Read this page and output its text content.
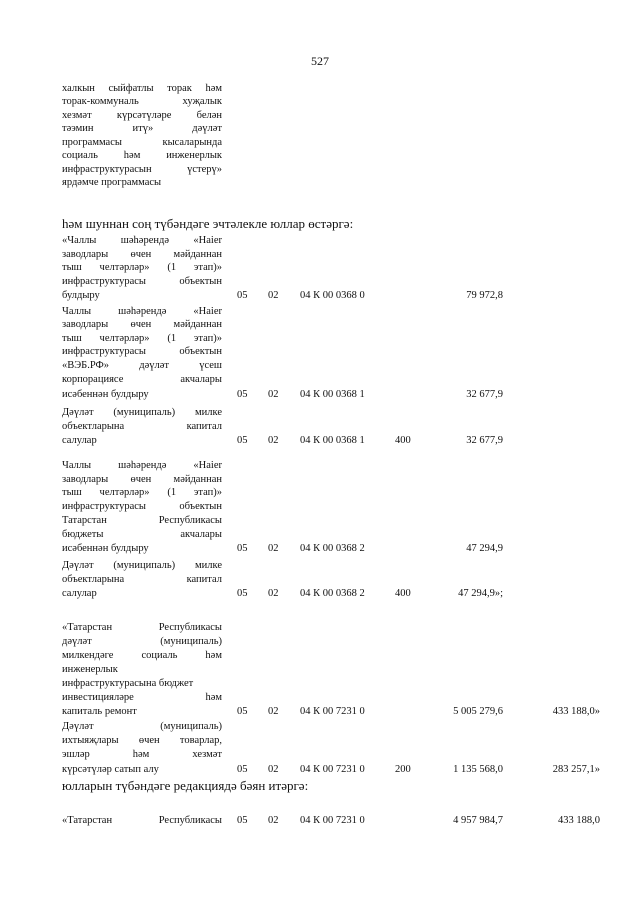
527
халкын сыйфатлы торак һәм
торак-коммуналь хуҗалык
хезмәт күрсәтүләре белән
тәэмин итү» дәүләт
программасы кысаларында
социаль һәм инженерлык
инфраструктурасын үстерү»
ярдәмче программасы
һәм шуннан соң түбәндәге эчтәлекле юллар өстәргә:
«Чаллы шәһәрендә «Haier
заводлары өчен мәйданнан
тыш челтәрләр» (1 этап)»
инфраструктурасы объектын
булдыру	05 02 04 К 00 0368 0	79 972,8
Чаллы шәһәрендә «Haier
заводлары өчен мәйданнан
тыш челтәрләр» (1 этап)»
инфраструктурасы объектын
«ВЭБ.РФ» дәүләт үсеш
корпорациясе акчалары
исәбеннән булдыру	05 02 04 К 00 0368 1	32 677,9
Дәүләт (муниципаль) милке
объектларына капитал
салулар	05 02 04 К 00 0368 1	400	32 677,9
Чаллы шәһәрендә «Haier
заводлары өчен мәйданнан
тыш челтәрләр» (1 этап)»
инфраструктурасы объектын
Татарстан Республикасы
бюджеты акчалары
исәбеннән булдыру	05 02 04 К 00 0368 2	47 294,9
Дәүләт (муниципаль) милке
объектларына капитал
салулар	05 02 04 К 00 0368 2	400	47 294,9»;
«Татарстан Республикасы
дәүләт (муниципаль)
милкендәге социаль һәм
инженерлык
инфраструктурасына бюджет
инвестицияләре һәм
капиталь ремонт	05 02 04 К 00 7231 0	5 005 279,6	433 188,0»
Дәүләт (муниципаль)
ихтыяҗлары өчен товарлар,
эшләр һәм хезмәт
күрсәтүләр сатып алу	05 02 04 К 00 7231 0	200	1 135 568,0	283 257,1»
юлларын түбәндәге редакциядә бәян итәргә:
«Татарстан Республикасы 05 02 04 К 00 7231 0	4 957 984,7	433 188,0
